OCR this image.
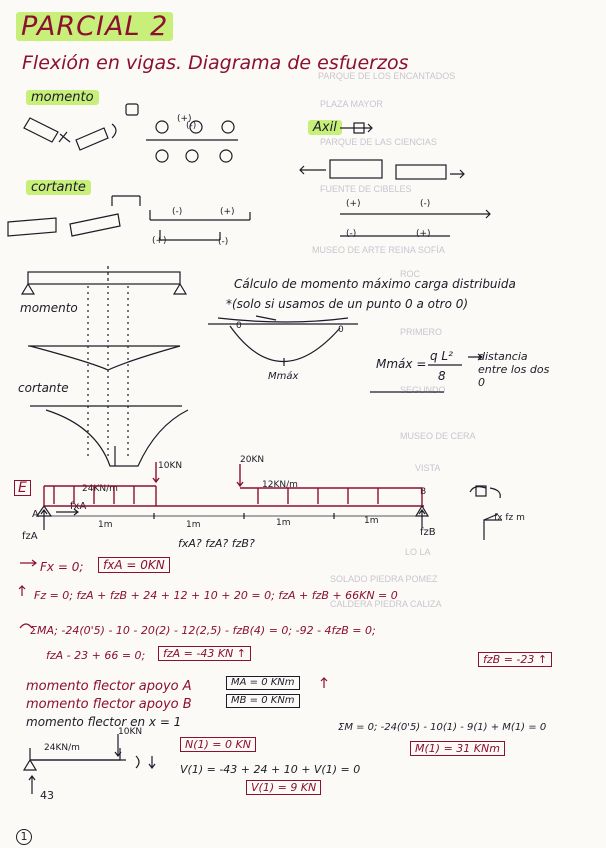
PARQUE DE LOS ENCANTADOS
PLAZA MAYOR
PARQUE DE LAS CIENCIAS
FUENTE DE CIBELES
MUSEO DE ARTE REINA SOFÍA
ROC
PRIMERO
SEGUNDO
MUSEO DE CERA
VISTA
LO LA
SOLADO PIEDRA POMEZ
CALDERA PIEDRA CALIZA
PARCIAL 2
Flexión en vigas. Diagrama de esfuerzos
momento
cortante
Axil
(+)
(-)
(-)	(+)
(+)	(-)
(+)	(-)
(-)	(+)
momento
cortante
Mmáx
0	0
Cálculo de momento máximo carga distribuida
*(solo si usamos de un punto 0 a otro 0)
Mmáx =
q L²
8
distancia entre los dos 0
E
10KN
20KN
24KN/m	12KN/m
A
B
fxA
fzA	fzB
1m	1m	1m	1m
fxA? fzA? fzB?
fx fz m
Fx = 0;	fxA = 0KN
Fz = 0; fzA + fzB + 24 + 12 + 10 + 20 = 0; fzA + fzB + 66KN = 0
ΣMA; -24(0'5) - 10 - 20(2) - 12(2,5) - fzB(4) = 0; -92 - 4fzB = 0;
fzA - 23 + 66 = 0;	fzA = -43 KN ↑	fzB = -23 ↑
momento flector apoyo A	MA = 0 KNm
momento flector apoyo B	MB = 0 KNm
momento flector en x = 1
10KN
24KN/m	N(1) = 0 KN
V(1) = -43 + 24 + 10 + V(1) = 0
V(1) = 9 KN
ΣM = 0; -24(0'5) - 10(1) - 9(1) + M(1) = 0
M(1) = 31 KNm
43
1
